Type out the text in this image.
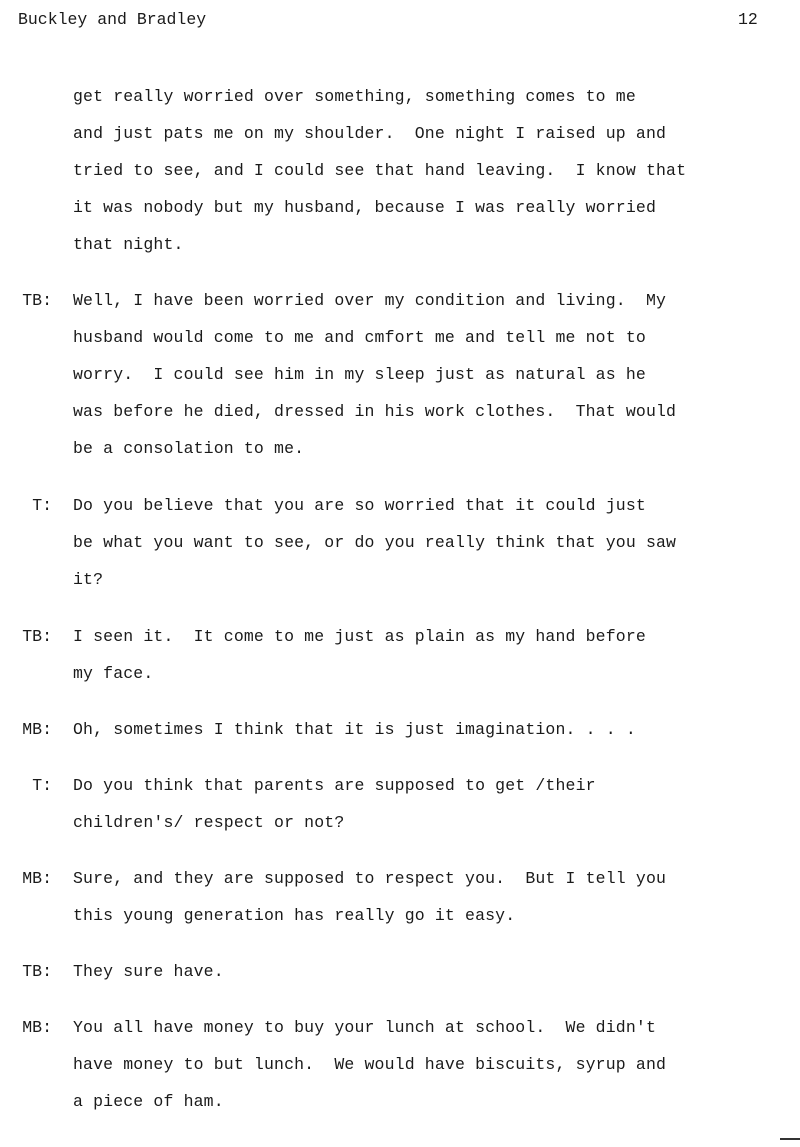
Buckley and Bradley	12
get really worried over something, something comes to me
and just pats me on my shoulder.  One night I raised up and
tried to see, and I could see that hand leaving.  I know that
it was nobody but my husband, because I was really worried
that night.
TB: Well, I have been worried over my condition and living.  My
husband would come to me and cmfort me and tell me not to
worry.  I could see him in my sleep just as natural as he
was before he died, dressed in his work clothes.  That would
be a consolation to me.
T: Do you believe that you are so worried that it could just
be what you want to see, or do you really think that you saw
it?
TB: I seen it.  It come to me just as plain as my hand before
my face.
MB: Oh, sometimes I think that it is just imagination. . . .
T: Do you think that parents are supposed to get /their
children's/ respect or not?
MB: Sure, and they are supposed to respect you.  But I tell you
this young generation has really go it easy.
TB: They sure have.
MB: You all have money to buy your lunch at school.  We didn't
have money to but lunch.  We would have biscuits, syrup and
a piece of ham.
